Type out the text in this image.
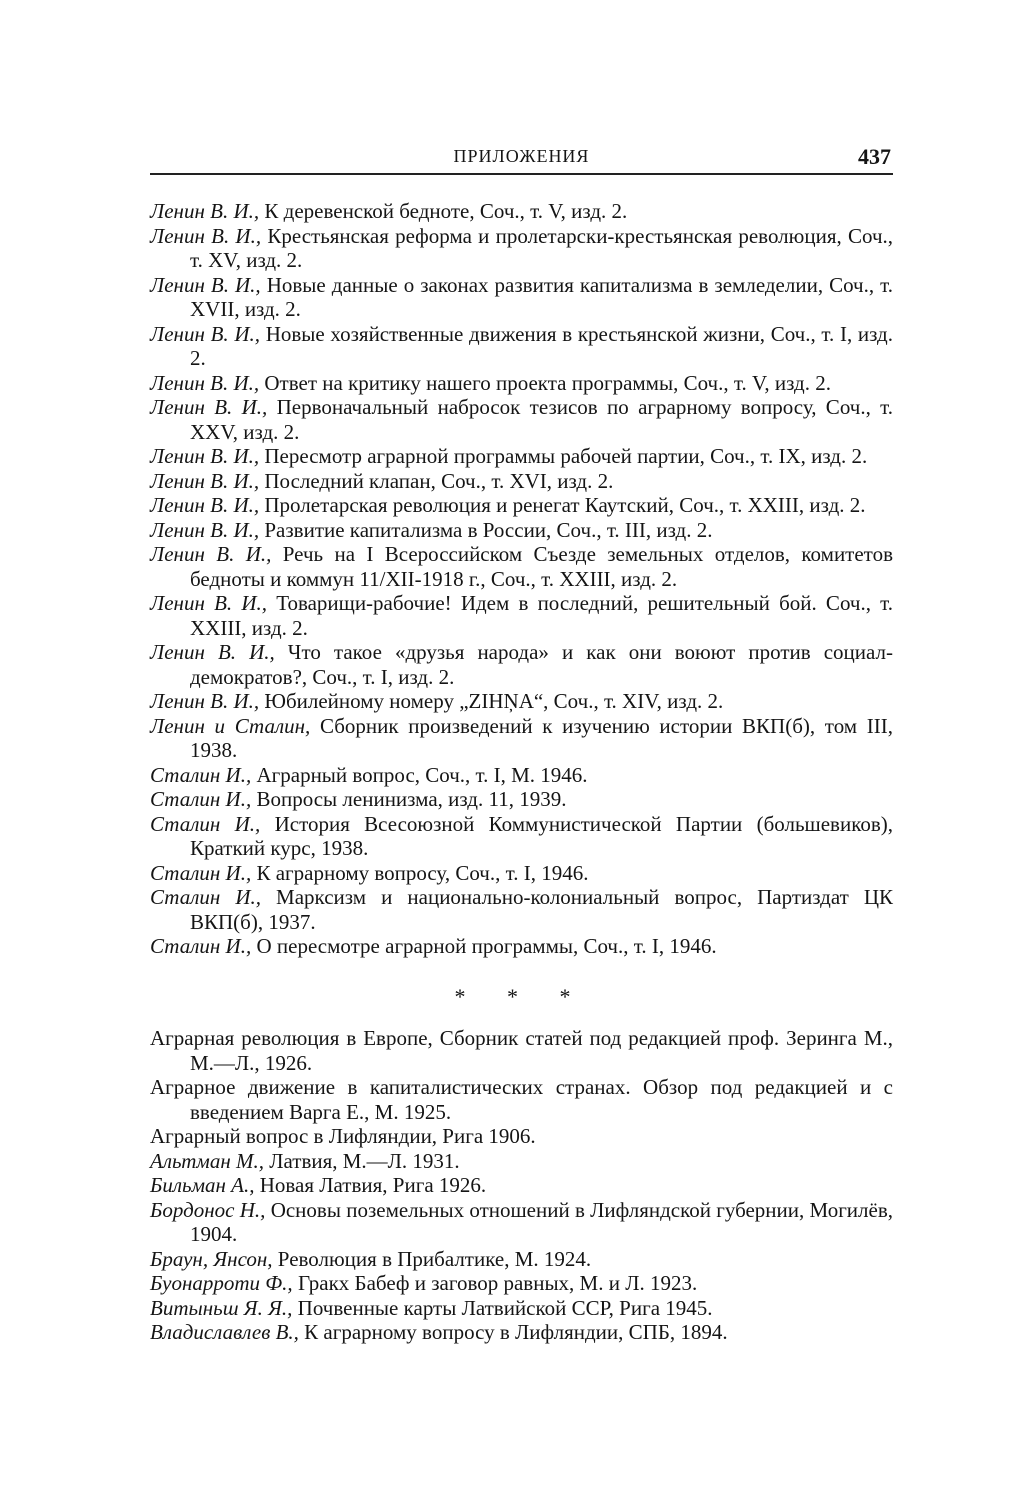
ПРИЛОЖЕНИЯ	437
Ленин В. И., К деревенской бедноте, Соч., т. V, изд. 2.
Ленин В. И., Крестьянская реформа и пролетарски-крестьянская революция, Соч., т. XV, изд. 2.
Ленин В. И., Новые данные о законах развития капитализма в земледелии, Соч., т. XVII, изд. 2.
Ленин В. И., Новые хозяйственные движения в крестьянской жизни, Соч., т. I, изд. 2.
Ленин В. И., Ответ на критику нашего проекта программы, Соч., т. V, изд. 2.
Ленин В. И., Первоначальный набросок тезисов по аграрному вопросу, Соч., т. XXV, изд. 2.
Ленин В. И., Пересмотр аграрной программы рабочей партии, Соч., т. IX, изд. 2.
Ленин В. И., Последний клапан, Соч., т. XVI, изд. 2.
Ленин В. И., Пролетарская революция и ренегат Каутский, Соч., т. XXIII, изд. 2.
Ленин В. И., Развитие капитализма в России, Соч., т. III, изд. 2.
Ленин В. И., Речь на I Всероссийском Съезде земельных отделов, комитетов бедноты и коммун 11/XII-1918 г., Соч., т. XXIII, изд. 2.
Ленин В. И., Товарищи-рабочие! Идем в последний, решительный бой. Соч., т. XXIII, изд. 2.
Ленин В. И., Что такое «друзья народа» и как они воюют против социал-демократов?, Соч., т. I, изд. 2.
Ленин В. И., Юбилейному номеру „ZIHŅA“, Соч., т. XIV, изд. 2.
Ленин и Сталин, Сборник произведений к изучению истории ВКП(б), том III, 1938.
Сталин И., Аграрный вопрос, Соч., т. I, М. 1946.
Сталин И., Вопросы ленинизма, изд. 11, 1939.
Сталин И., История Всесоюзной Коммунистической Партии (большевиков), Краткий курс, 1938.
Сталин И., К аграрному вопросу, Соч., т. I, 1946.
Сталин И., Марксизм и национально-колониальный вопрос, Партиздат ЦК ВКП(б), 1937.
Сталин И., О пересмотре аграрной программы, Соч., т. I, 1946.
* * *
Аграрная революция в Европе, Сборник статей под редакцией проф. Зеринга М., М.—Л., 1926.
Аграрное движение в капиталистических странах. Обзор под редакцией и с введением Варга Е., М. 1925.
Аграрный вопрос в Лифляндии, Рига 1906.
Альтман М., Латвия, М.—Л. 1931.
Бильман А., Новая Латвия, Рига 1926.
Бордонос Н., Основы поземельных отношений в Лифляндской губернии, Могилёв, 1904.
Браун, Янсон, Революция в Прибалтике, М. 1924.
Буонарроти Ф., Гракх Бабеф и заговор равных, М. и Л. 1923.
Витыньш Я. Я., Почвенные карты Латвийской ССР, Рига 1945.
Владиславлев В., К аграрному вопросу в Лифляндии, СПБ, 1894.
